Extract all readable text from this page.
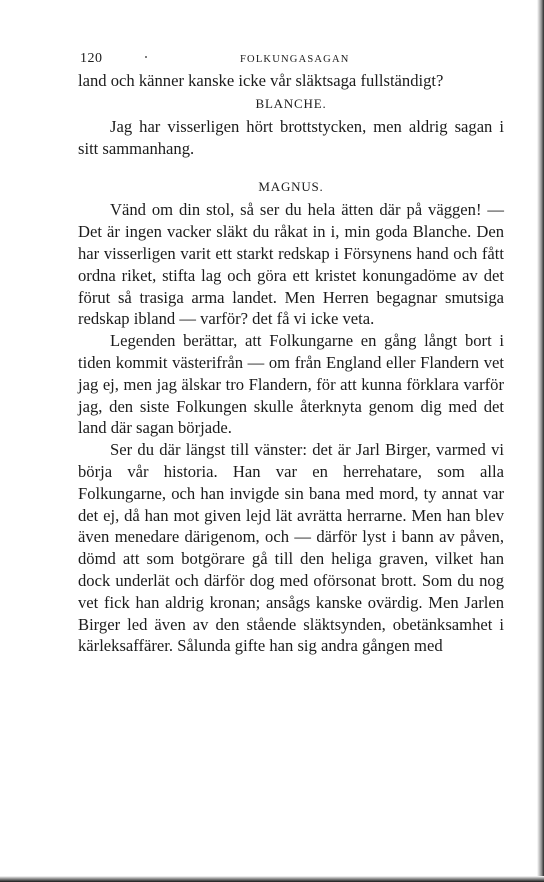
120	FOLKUNGASAGAN

land och känner kanske icke vår släktsaga fullständigt?

BLANCHE.

Jag har visserligen hört brottstycken, men aldrig sagan i sitt sammanhang.

MAGNUS.

Vänd om din stol, så ser du hela ätten där på väggen! — Det är ingen vacker släkt du råkat in i, min goda Blanche. Den har visserligen varit ett starkt redskap i Försynens hand och fått ordna riket, stifta lag och göra ett kristet konungadöme av det förut så trasiga arma landet. Men Herren begagnar smutsiga redskap ibland — varför? det få vi icke veta.

Legenden berättar, att Folkungarne en gång långt bort i tiden kommit västerifrån — om från England eller Flandern vet jag ej, men jag älskar tro Flandern, för att kunna förklara varför jag, den siste Folkungen skulle återknyta genom dig med det land där sagan började.

Ser du där längst till vänster: det är Jarl Birger, varmed vi börja vår historia. Han var en herrehatare, som alla Folkungarne, och han invigde sin bana med mord, ty annat var det ej, då han mot given lejd lät avrätta herrarne. Men han blev även menedare därigenom, och — därför lyst i bann av påven, dömd att som botgörare gå till den heliga graven, vilket han dock underlät och därför dog med oförsonat brott. Som du nog vet fick han aldrig kronan; ansågs kanske ovärdig. Men Jarlen Birger led även av den stående släktsynden, obetänksamhet i kärleksaffärer. Sålunda gifte han sig andra gången med
